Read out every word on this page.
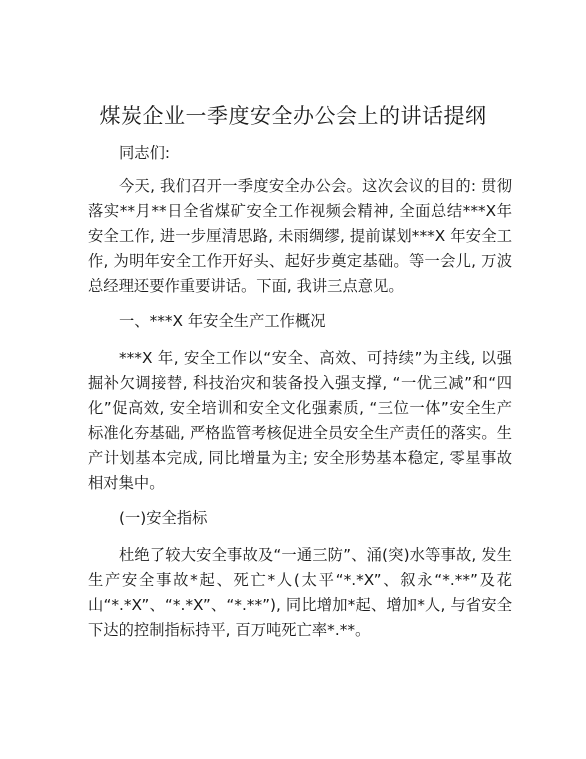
煤炭企业一季度安全办公会上的讲话提纲

同志们:

今天, 我们召开一季度安全办公会。这次会议的目的: 贯彻落实**月**日全省煤矿安全工作视频会精神, 全面总结***X年安全工作, 进一步厘清思路, 未雨绸缪, 提前谋划***X 年安全工作, 为明年安全工作开好头、起好步奠定基础。等一会儿, 万波总经理还要作重要讲话。下面, 我讲三点意见。

一、***X 年安全生产工作概况

***X 年, 安全工作以“安全、高效、可持续”为主线, 以强掘补欠调接替, 科技治灾和装备投入强支撑, “一优三减”和“四化”促高效, 安全培训和安全文化强素质, “三位一体”安全生产标准化夯基础, 严格监管考核促进全员安全生产责任的落实。生产计划基本完成, 同比增量为主; 安全形势基本稳定, 零星事故相对集中。

(一)安全指标

杜绝了较大安全事故及“一通三防”、涌(突)水等事故, 发生生产安全事故*起、死亡*人(太平“*.*X”、叙永“*.**”及花山“*.*X”、“*.*X”、“*.**”), 同比增加*起、增加*人, 与省安全下达的控制指标持平, 百万吨死亡率*.**。
